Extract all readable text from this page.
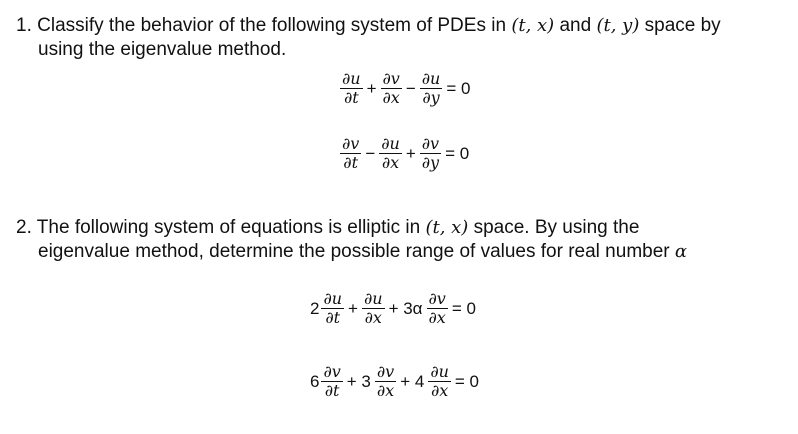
1. Classify the behavior of the following system of PDEs in (t, x) and (t, y) space by
using the eigenvalue method.
$\frac{\partial u}{\partial t} + \frac{\partial v}{\partial x} - \frac{\partial u}{\partial y} = 0$
$\frac{\partial v}{\partial t} - \frac{\partial u}{\partial x} + \frac{\partial v}{\partial y} = 0$
2. The following system of equations is elliptic in (t, x) space. By using the
eigenvalue method, determine the possible range of values for real number α
$2 \frac{\partial u}{\partial t} + \frac{\partial u}{\partial x} + 3\alpha \frac{\partial v}{\partial x} = 0$
$6 \frac{\partial v}{\partial t} + 3 \frac{\partial v}{\partial x} + 4 \frac{\partial u}{\partial x} = 0$
